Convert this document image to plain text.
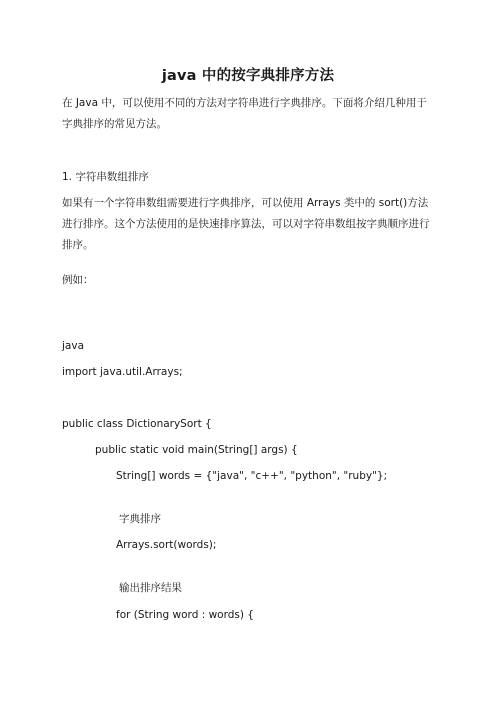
java 中的按字典排序方法

在 Java 中，可以使用不同的方法对字符串进行字典排序。下面将介绍几种用于字典排序的常见方法。

1. 字符串数组排序

如果有一个字符串数组需要进行字典排序，可以使用 Arrays 类中的 sort()方法进行排序。这个方法使用的是快速排序算法，可以对字符串数组按字典顺序进行排序。

例如：

java
import java.util.Arrays;
public class DictionarySort {
public static void main(String[] args) {
String[] words = {"java", "c++", "python", "ruby"};
字典排序
Arrays.sort(words);
输出排序结果
for (String word : words) {
